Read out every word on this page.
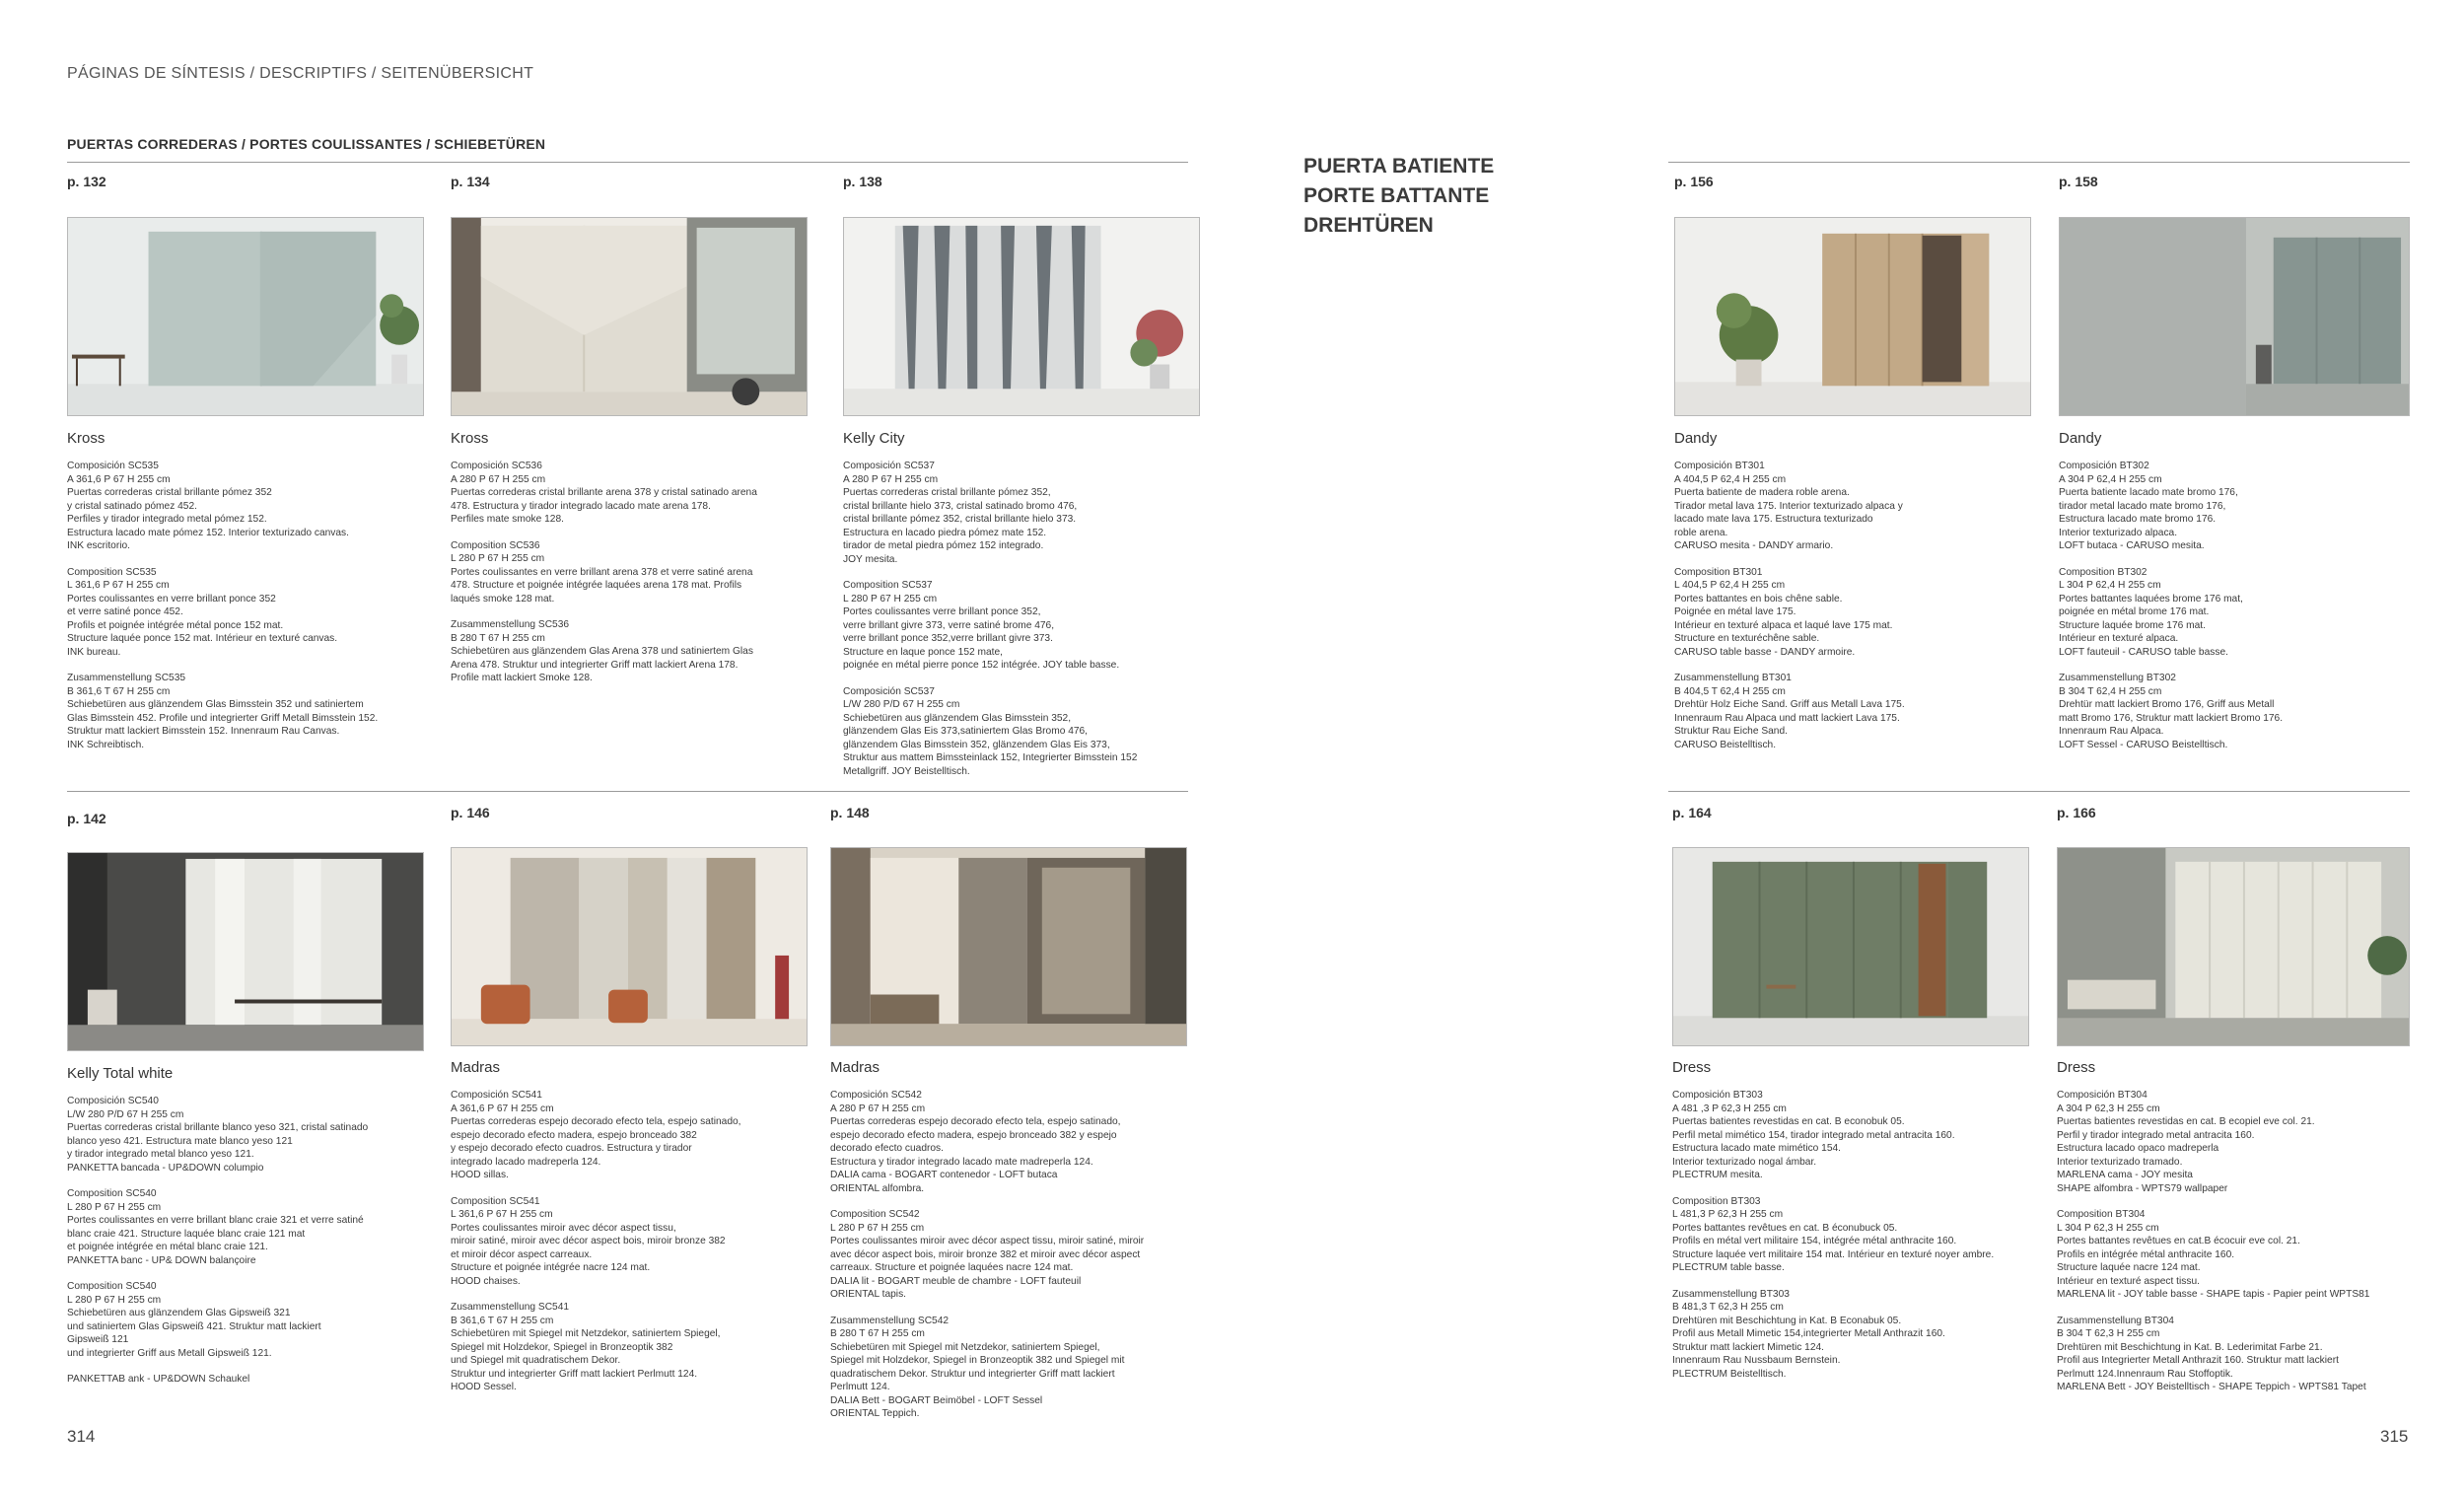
PÁGINAS DE SÍNTESIS / DESCRIPTIFS / SEITENÜBERSICHT
PUERTAS CORREDERAS / PORTES COULISSANTES / SCHIEBETÜREN
PUERTA BATIENTE
PORTE BATTANTE
DREHTÜREN
p. 132
Kross

Composición SC535
A 361,6 P 67 H 255 cm
Puertas correderas cristal brillante pómez 352
y cristal satinado pómez 452.
Perfiles y tirador integrado metal pómez 152.
Estructura lacado mate pómez 152. Interior texturizado canvas.
INK escritorio.

Composition SC535
L 361,6 P 67 H 255 cm
Portes coulissantes en verre brillant ponce 352
et verre satiné ponce 452.
Profils et poignée intégrée métal ponce 152 mat.
Structure laquée ponce 152 mat. Intérieur en texturé canvas.
INK bureau.

Zusammenstellung SC535
B 361,6 T 67 H 255 cm
Schiebetüren aus glänzendem Glas Bimsstein 352 und satiniertem
Glas Bimsstein 452. Profile und integrierter Griff Metall Bimsstein 152.
Struktur matt lackiert Bimsstein 152. Innenraum Rau Canvas.
INK Schreibtisch.

p. 134
Kross

Composición SC536
A 280 P 67 H 255 cm
Puertas correderas cristal brillante arena 378 y cristal satinado arena
478. Estructura y tirador integrado lacado mate arena 178.
Perfiles mate smoke 128.

Composition SC536
L 280 P 67 H 255 cm
Portes coulissantes en verre brillant arena 378 et verre satiné arena
478. Structure et poignée intégrée laquées arena 178 mat. Profils
laqués smoke 128 mat.

Zusammenstellung SC536
B 280 T 67 H 255 cm
Schiebetüren aus glänzendem Glas Arena 378 und satiniertem Glas
Arena 478. Struktur und integrierter Griff matt lackiert Arena 178.
Profile matt lackiert Smoke 128.

p. 138
Kelly City

Composición SC537
A 280 P 67 H 255 cm
Puertas correderas cristal brillante pómez 352,
cristal brillante hielo 373, cristal satinado bromo 476,
cristal brillante pómez 352, cristal brillante hielo 373.
Estructura en lacado piedra pómez mate 152.
tirador de metal piedra pómez 152 integrado.
JOY mesita.

Composition SC537
L 280 P 67 H 255 cm
Portes coulissantes verre brillant ponce 352,
verre brillant givre 373, verre satiné brome 476,
verre brillant ponce 352,verre brillant givre 373.
Structure en laque ponce 152 mate,
poignée en métal pierre ponce 152 intégrée. JOY table basse.

Composición SC537
L/W 280 P/D 67 H 255 cm
Schiebetüren aus glänzendem Glas Bimsstein 352,
glänzendem Glas Eis 373,satiniertem Glas Bromo 476,
glänzendem Glas Bimsstein 352, glänzendem Glas Eis 373,
Struktur aus mattem Bimssteinlack 152, Integrierter Bimsstein 152
Metallgriff. JOY Beistelltisch.

p. 142
Kelly Total white

Composición SC540
L/W 280 P/D 67 H 255 cm
Puertas correderas cristal brillante blanco yeso 321, cristal satinado
blanco yeso 421. Estructura mate blanco yeso 121
y tirador integrado metal blanco yeso 121.
PANKETTA bancada - UP&DOWN columpio

Composition SC540
L 280 P 67 H 255 cm
Portes coulissantes en verre brillant blanc craie 321 et verre satiné
blanc craie 421. Structure laquée blanc craie 121 mat
et poignée intégrée en métal blanc craie 121.
PANKETTA banc - UP& DOWN balançoire

Composition SC540
L 280 P 67 H 255 cm
Schiebetüren aus glänzendem Glas Gipsweiß 321
und satiniertem Glas Gipsweiß 421. Struktur matt lackiert
Gipsweiß 121
und integrierter Griff aus Metall Gipsweiß 121.

PANKETTAB ank - UP&DOWN Schaukel

p. 146
Madras

Composición SC541
A 361,6 P 67 H 255 cm
Puertas correderas espejo decorado efecto tela, espejo satinado,
espejo decorado efecto madera, espejo bronceado 382
y espejo decorado efecto cuadros. Estructura y tirador
integrado lacado madreperla 124.
HOOD sillas.

Composition SC541
L 361,6 P 67 H 255 cm
Portes coulissantes miroir avec décor aspect tissu,
miroir satiné, miroir avec décor aspect bois, miroir bronze 382
et miroir décor aspect carreaux.
Structure et poignée intégrée nacre 124 mat.
HOOD chaises.

Zusammenstellung SC541
B 361,6 T 67 H 255 cm
Schiebetüren mit Spiegel mit Netzdekor, satiniertem Spiegel,
Spiegel mit Holzdekor, Spiegel in Bronzeoptik 382
und Spiegel mit quadratischem Dekor.
Struktur und integrierter Griff matt lackiert Perlmutt 124.
HOOD Sessel.

p. 148
Madras

Composición SC542
A 280 P 67 H 255 cm
Puertas correderas espejo decorado efecto tela, espejo satinado,
espejo decorado efecto madera, espejo bronceado 382 y espejo
decorado efecto cuadros.
Estructura y tirador integrado lacado mate madreperla 124.
DALIA cama - BOGART contenedor - LOFT butaca
ORIENTAL alfombra.

Composition SC542
L 280 P 67 H 255 cm
Portes coulissantes miroir avec décor aspect tissu, miroir satiné, miroir
avec décor aspect bois, miroir bronze 382 et miroir avec décor aspect
carreaux. Structure et poignée laquées nacre 124 mat.
DALIA lit - BOGART meuble de chambre - LOFT fauteuil
ORIENTAL tapis.

Zusammenstellung SC542
B 280 T 67 H 255 cm
Schiebetüren mit Spiegel mit Netzdekor, satiniertem Spiegel,
Spiegel mit Holzdekor, Spiegel in Bronzeoptik 382 und Spiegel mit
quadratischem Dekor. Struktur und integrierter Griff matt lackiert
Perlmutt 124.
DALIA Bett - BOGART Beimöbel - LOFT Sessel
ORIENTAL Teppich.

p. 156
Dandy

Composición BT301
A 404,5 P 62,4 H 255 cm
Puerta batiente de madera roble arena.
Tirador metal lava 175. Interior texturizado alpaca y
lacado mate lava 175. Estructura texturizado
roble arena.
CARUSO mesita - DANDY armario.

Composition BT301
L 404,5 P 62,4 H 255 cm
Portes battantes en bois chêne sable.
Poignée en métal lave 175.
Intérieur en texturé alpaca et laqué lave 175 mat.
Structure en texturéchêne sable.
CARUSO table basse - DANDY armoire.

Zusammenstellung BT301
B 404,5 T 62,4 H 255 cm
Drehtür Holz Eiche Sand. Griff aus Metall Lava 175.
Innenraum Rau Alpaca und matt lackiert Lava 175.
Struktur Rau Eiche Sand.
CARUSO Beistelltisch.

p. 158
Dandy

Composición BT302
A 304 P 62,4 H 255 cm
Puerta batiente lacado mate bromo 176,
tirador metal lacado mate bromo 176,
Estructura lacado mate bromo 176.
Interior texturizado alpaca.
LOFT butaca - CARUSO mesita.

Composition BT302
L 304 P 62,4 H 255 cm
Portes battantes laquées brome 176 mat,
poignée en métal brome 176 mat.
Structure laquée brome 176 mat.
Intérieur en texturé alpaca.
LOFT fauteuil - CARUSO table basse.

Zusammenstellung BT302
B 304 T 62,4 H 255 cm
Drehtür matt lackiert Bromo 176, Griff aus Metall
matt Bromo 176, Struktur matt lackiert Bromo 176.
Innenraum Rau Alpaca.
LOFT Sessel - CARUSO Beistelltisch.

p. 164
Dress

Composición BT303
A 481 ,3 P 62,3 H 255 cm
Puertas batientes revestidas en cat. B econobuk 05.
Perfil metal mimético 154, tirador integrado metal antracita 160.
Estructura lacado mate mimético 154.
Interior texturizado nogal ámbar.
PLECTRUM mesita.

Composition BT303
L 481,3 P 62,3 H 255 cm
Portes battantes revêtues en cat. B éconubuck 05.
Profils en métal vert militaire 154, intégrée métal anthracite 160.
Structure laquée vert militaire 154 mat. Intérieur en texturé noyer ambre.
PLECTRUM table basse.

Zusammenstellung BT303
B 481,3 T 62,3 H 255 cm
Drehtüren mit Beschichtung in Kat. B Econabuk 05.
Profil aus Metall Mimetic 154,integrierter Metall Anthrazit 160.
Struktur matt lackiert Mimetic 124.
Innenraum Rau Nussbaum Bernstein.
PLECTRUM Beistelltisch.

p. 166
Dress

Composición BT304
A 304 P 62,3 H 255 cm
Puertas batientes revestidas en cat. B ecopiel eve col. 21.
Perfil y tirador integrado metal antracita 160.
Estructura lacado opaco madreperla
Interior texturizado tramado.
MARLENA cama - JOY mesita
SHAPE alfombra - WPTS79 wallpaper

Composition BT304
L 304 P 62,3 H 255 cm
Portes battantes revêtues en cat.B écocuir eve col. 21.
Profils en intégrée métal anthracite 160.
Structure laquée nacre 124 mat.
Intérieur en texturé aspect tissu.
MARLENA lit - JOY table basse - SHAPE tapis - Papier peint WPTS81

Zusammenstellung BT304
B 304 T 62,3 H 255 cm
Drehtüren mit Beschichtung in Kat. B. Lederimitat Farbe 21.
Profil aus Integrierter Metall Anthrazit 160. Struktur matt lackiert
Perlmutt 124.Innenraum Rau Stoffoptik.
MARLENA Bett - JOY Beistelltisch - SHAPE Teppich - WPTS81 Tapet

314	315
